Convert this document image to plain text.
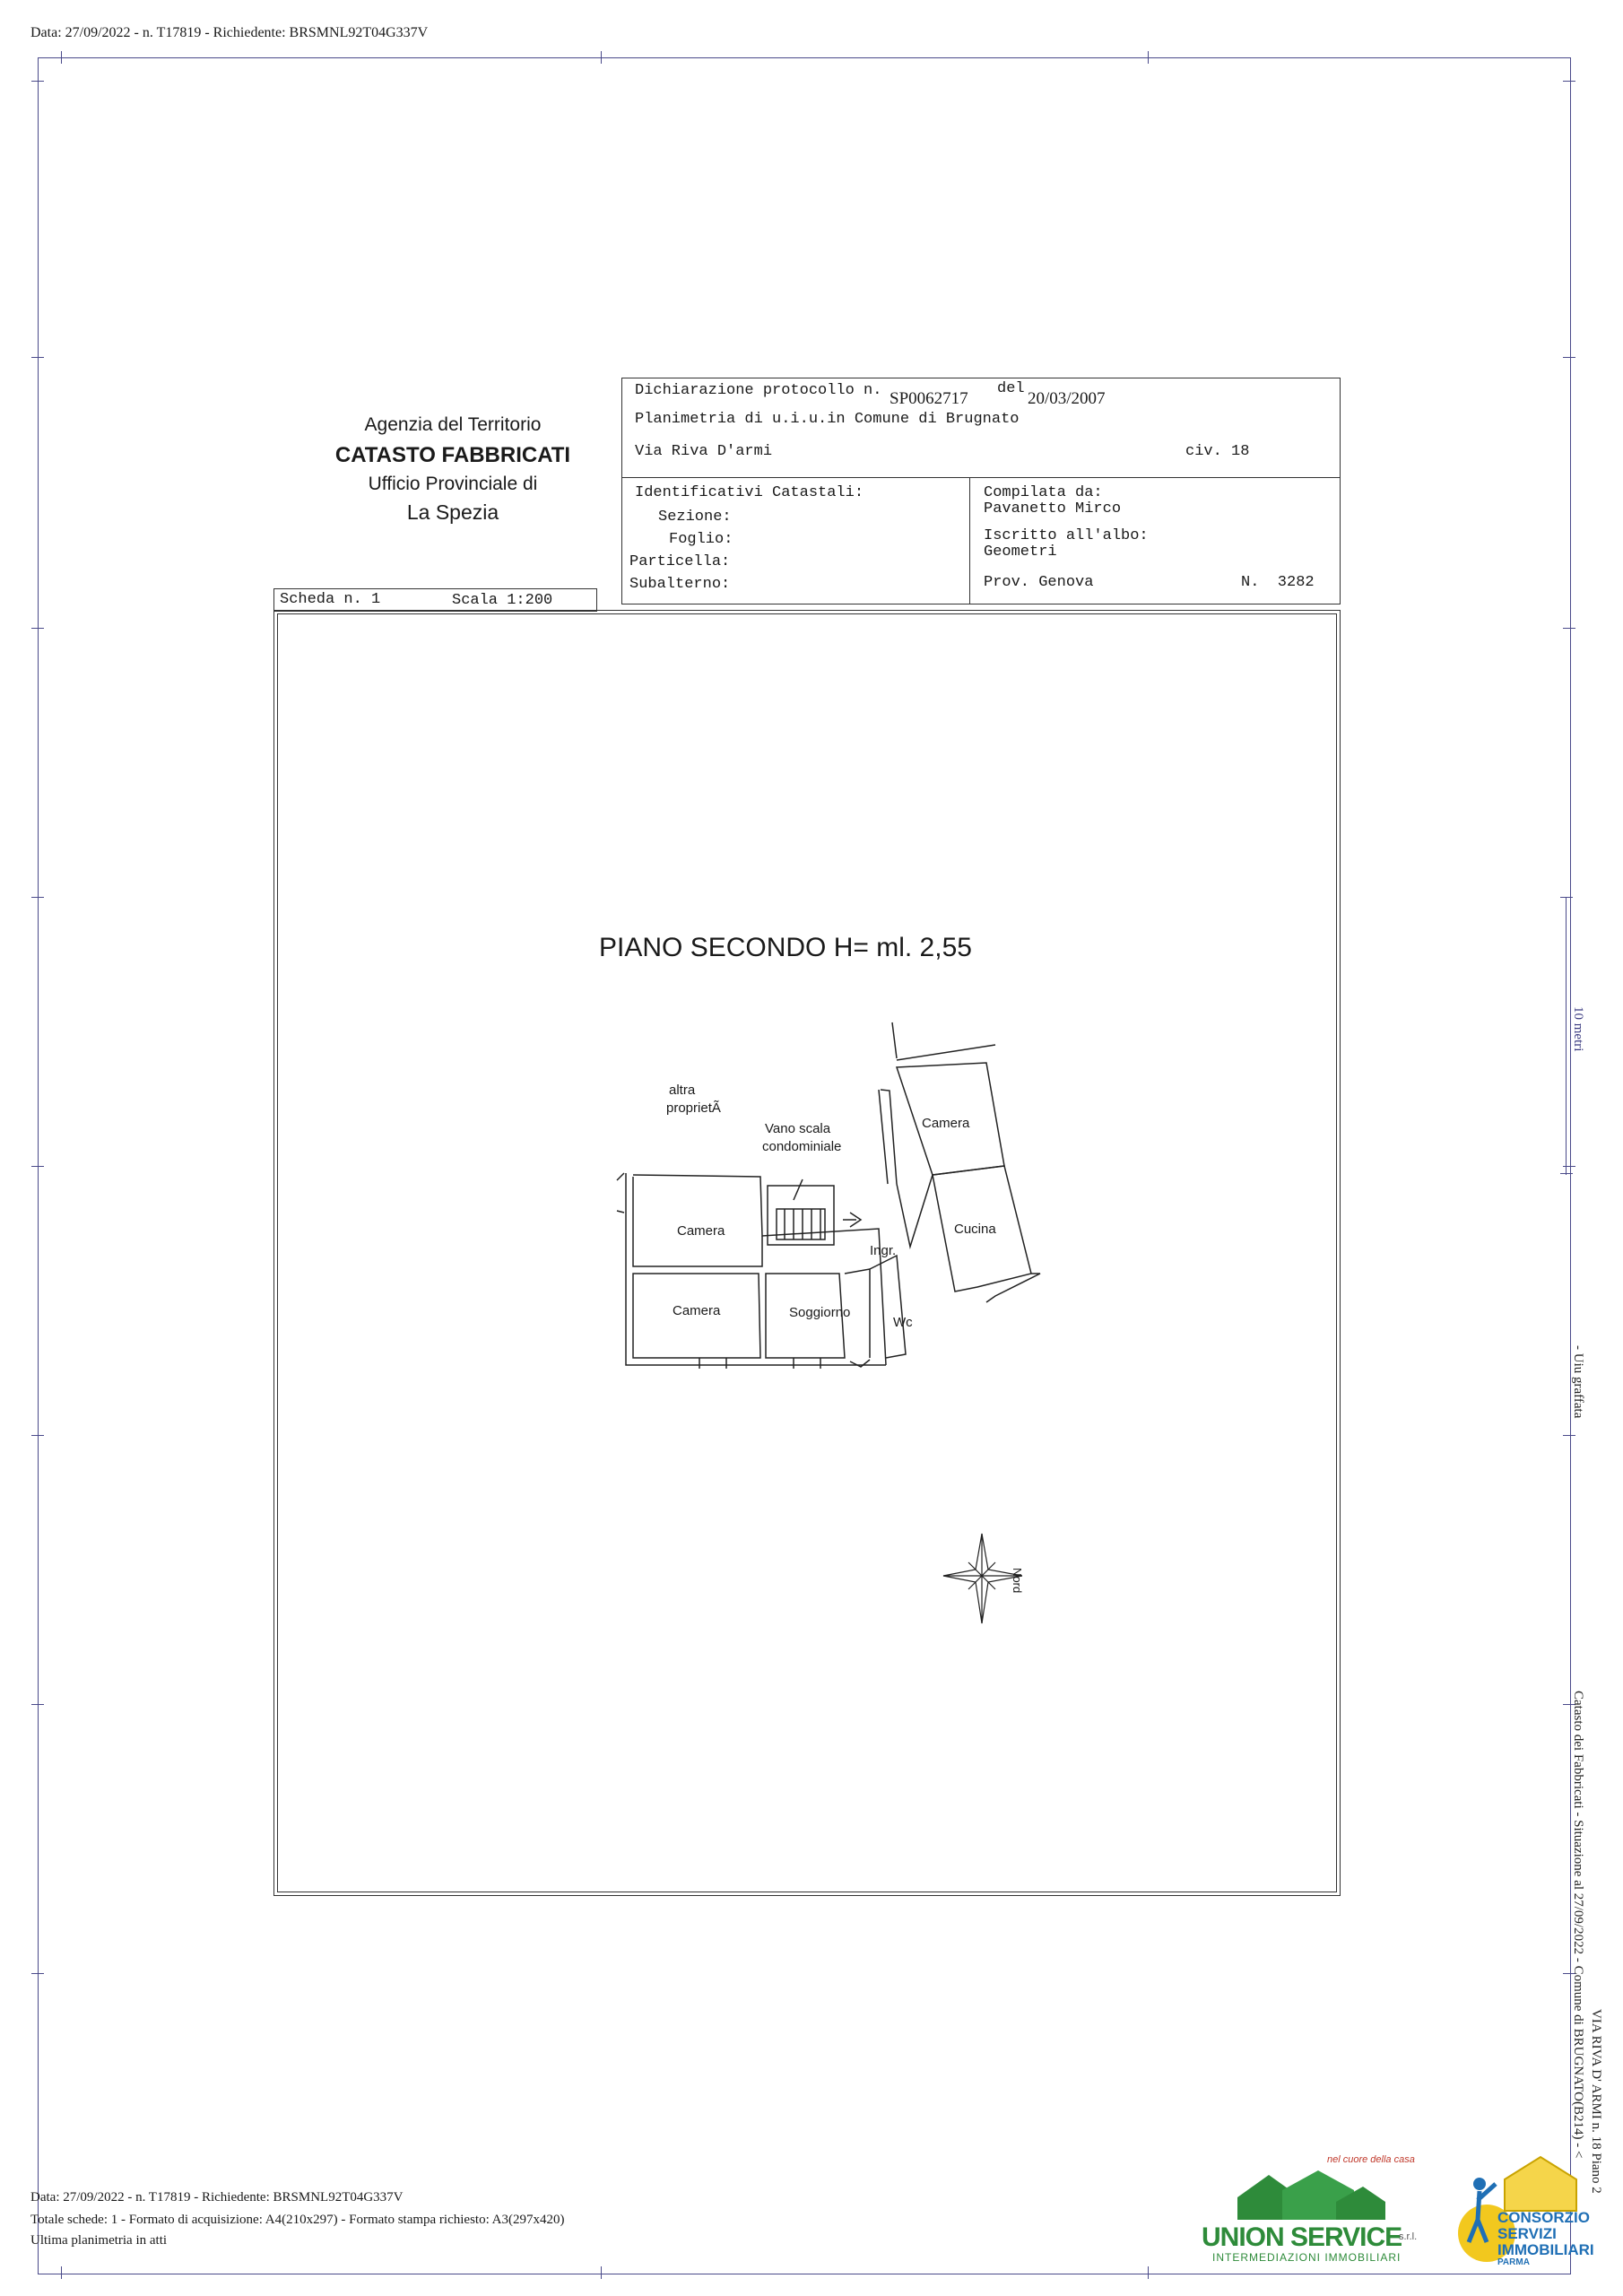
Data: 27/09/2022 - n. T17819 - Richiedente: BRSMNL92T04G337V
Agenzia del Territorio
CATASTO FABBRICATI
Ufficio Provinciale di
La Spezia
Dichiarazione protocollo n. SP0062717
del
20/03/2007
Planimetria di u.i.u.in Comune di Brugnato
Via Riva D'armi	civ. 18
Identificativi Catastali:
Sezione:
Foglio:
Particella:
Subalterno:
Compilata da:
Pavanetto Mirco
Iscritto all'albo:
Geometri
Prov. Genova	N.  3282
Scheda n. 1	Scala 1:200
PIANO SECONDO H= ml. 2,55
altra
proprietÃ
Vano scala
condominiale
Camera
Camera	Cucina
Ingr.
Camera	Soggiorno
Wc
Nord
10 metri
- Uiu graffata
Catasto dei Fabbricati - Situazione al 27/09/2022 - Comune di BRUGNATO(B214) - < VIA RIVA D' ARMI n. 18 Piano 2
Data: 27/09/2022 - n. T17819 - Richiedente: BRSMNL92T04G337V
Totale schede: 1 - Formato di acquisizione: A4(210x297) - Formato stampa richiesto: A3(297x420)
Ultima planimetria in atti
nel cuore della casa
UNION SERVICE
s.r.l.
INTERMEDIAZIONI IMMOBILIARI
CONSORZIO
SERVIZI
IMMOBILIARI
PARMA
